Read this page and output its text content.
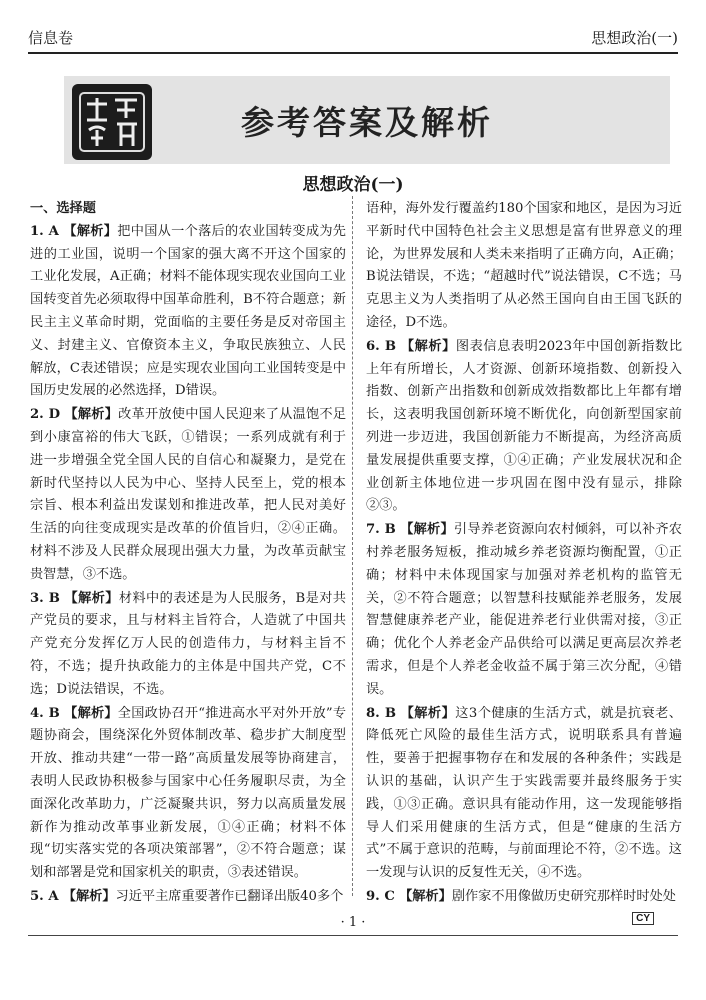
信息卷	思想政治(一)
参考答案及解析
思想政治(一)
一、选择题

1. A 【解析】把中国从一个落后的农业国转变成为先进的工业国，说明一个国家的强大离不开这个国家的工业化发展，A正确；材料不能体现实现农业国向工业国转变首先必须取得中国革命胜利，B不符合题意；新民主主义革命时期，党面临的主要任务是反对帝国主义、封建主义、官僚资本主义，争取民族独立、人民解放，C表述错误；应是实现农业国向工业国转变是中国历史发展的必然选择，D错误。

2. D 【解析】改革开放使中国人民迎来了从温饱不足到小康富裕的伟大飞跃，①错误；一系列成就有利于进一步增强全党全国人民的自信心和凝聚力，是党在新时代坚持以人民为中心、坚持人民至上，党的根本宗旨、根本利益出发谋划和推进改革，把人民对美好生活的向往变成现实是改革的价值旨归，②④正确。材料不涉及人民群众展现出强大力量，为改革贡献宝贵智慧，③不选。

3. B 【解析】材料中的表述是为人民服务，B是对共产党员的要求，且与材料主旨符合，人造就了中国共产党充分发挥亿万人民的创造伟力，与材料主旨不符，不选；提升执政能力的主体是中国共产党，C不选；D说法错误，不选。

4. B 【解析】全国政协召开“推进高水平对外开放”专题协商会，围绕深化外贸体制改革、稳步扩大制度型开放、推动共建“一带一路”高质量发展等协商建言，表明人民政协积极参与国家中心任务履职尽责，为全面深化改革助力，广泛凝聚共识，努力以高质量发展新作为推动改革事业新发展，①④正确；材料不体现“切实落实党的各项决策部署”，②不符合题意；谋划和部署是党和国家机关的职责，③表述错误。

5. A 【解析】习近平主席重要著作已翻译出版40多个

语种，海外发行覆盖约180个国家和地区，是因为习近平新时代中国特色社会主义思想是富有世界意义的理论，为世界发展和人类未来指明了正确方向，A正确；B说法错误，不选；“超越时代”说法错误，C不选；马克思主义为人类指明了从必然王国向自由王国飞跃的途径，D不选。

6. B 【解析】图表信息表明2023年中国创新指数比上年有所增长，人才资源、创新环境指数、创新投入指数、创新产出指数和创新成效指数都比上年都有增长，这表明我国创新环境不断优化，向创新型国家前列进一步迈进，我国创新能力不断提高，为经济高质量发展提供重要支撑，①④正确；产业发展状况和企业创新主体地位进一步巩固在图中没有显示，排除②③。

7. B 【解析】引导养老资源向农村倾斜，可以补齐农村养老服务短板，推动城乡养老资源均衡配置，①正确；材料中未体现国家与加强对养老机构的监管无关，②不符合题意；以智慧科技赋能养老服务，发展智慧健康养老产业，能促进养老行业供需对接，③正确；优化个人养老金产品供给可以满足更高层次养老需求，但是个人养老金收益不属于第三次分配，④错误。

8. B 【解析】这3个健康的生活方式，就是抗衰老、降低死亡风险的最佳生活方式，说明联系具有普遍性，要善于把握事物存在和发展的各种条件；实践是认识的基础，认识产生于实践需要并最终服务于实践，①③正确。意识具有能动作用，这一发现能够指导人们采用健康的生活方式，但是“健康的生活方式”不属于意识的范畴，与前面理论不符，②不选。这一发现与认识的反复性无关，④不选。

9. C 【解析】剧作家不用像做历史研究那样时时处处

· 1 ·	CY
